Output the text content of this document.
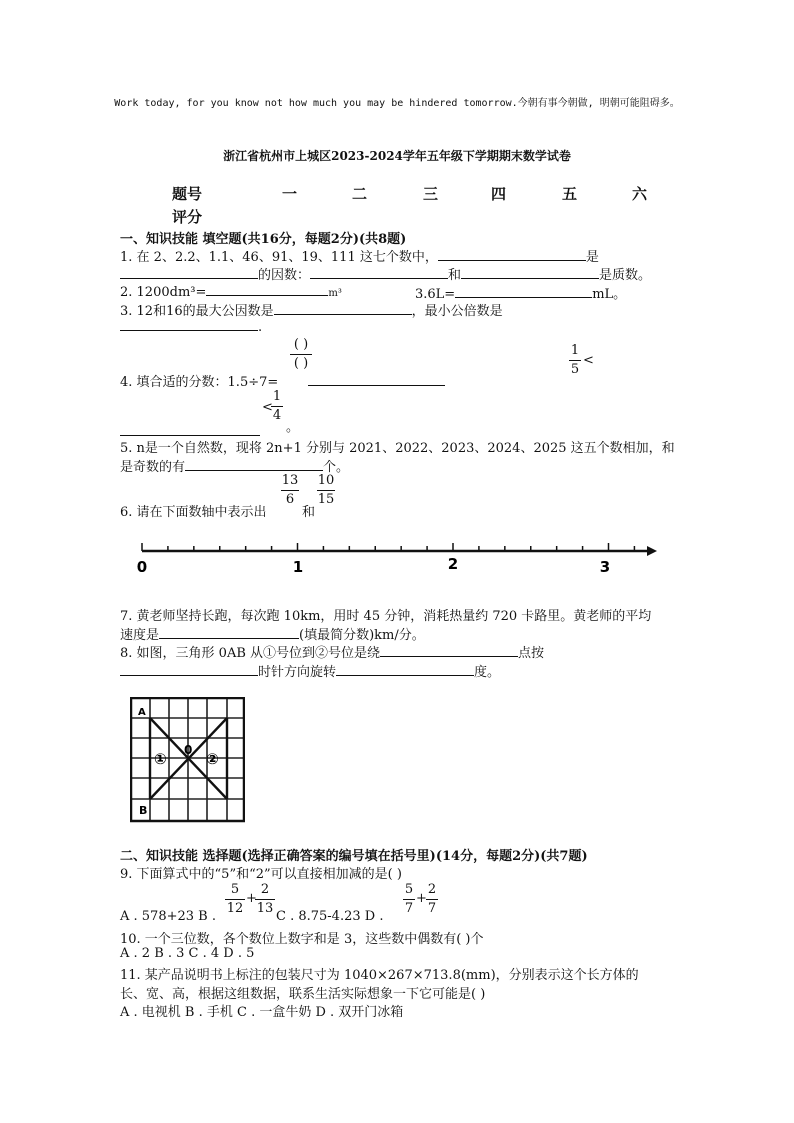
Work today, for you know not how much you may be hindered tomorrow.今朝有事今朝做, 明朝可能阻碍多。
浙江省杭州市上城区2023-2024学年五年级下学期期末数学试卷
题号	一	二	三	四	五	六
评分
一、知识技能 填空题(共16分，每题2分)(共8题)
1. 在 2、2.2、1.1、46、91、19、111 这七个数中，	是
的因数：	和	是质数。
2. 1200dm³=	m³	3.6L=	mL。
3. 12和16的最大公因数是	，最小公倍数是
.
( )
( )
1
5
<
4. 填合适的分数：1.5÷7=
<
1
4
。
5. n是一个自然数，现将 2n+1 分别与 2021、2022、2023、2024、2025 这五个数相加，和
是奇数的有	个。
6. 请在下面数轴中表示出
13
6
和
10
15
0	1	2	3
7. 黄老师坚持长跑，每次跑 10km，用时 45 分钟，消耗热量约 720 卡路里。黄老师的平均
速度是	(填最简分数)km/分。
8. 如图，三角形 0AB 从①号位到②号位是绕	点按
时针方向旋转	度。
A
B
0
①	②
二、知识技能 选择题(选择正确答案的编号填在括号里)(14分，每题2分)(共7题)
9. 下面算式中的“5”和“2”可以直接相加减的是( )
A . 578+23 B .
5
12
+
2
13
C . 8.75-4.23 D .
5
7
+
2
7
10. 一个三位数，各个数位上数字和是 3，这些数中偶数有( )个
A . 2 B . 3 C . 4 D . 5
11. 某产品说明书上标注的包装尺寸为 1040×267×713.8(mm)，分别表示这个长方体的
长、宽、高，根据这组数据，联系生活实际想象一下它可能是( )
A . 电视机 B . 手机 C . 一盒牛奶 D . 双开门冰箱
